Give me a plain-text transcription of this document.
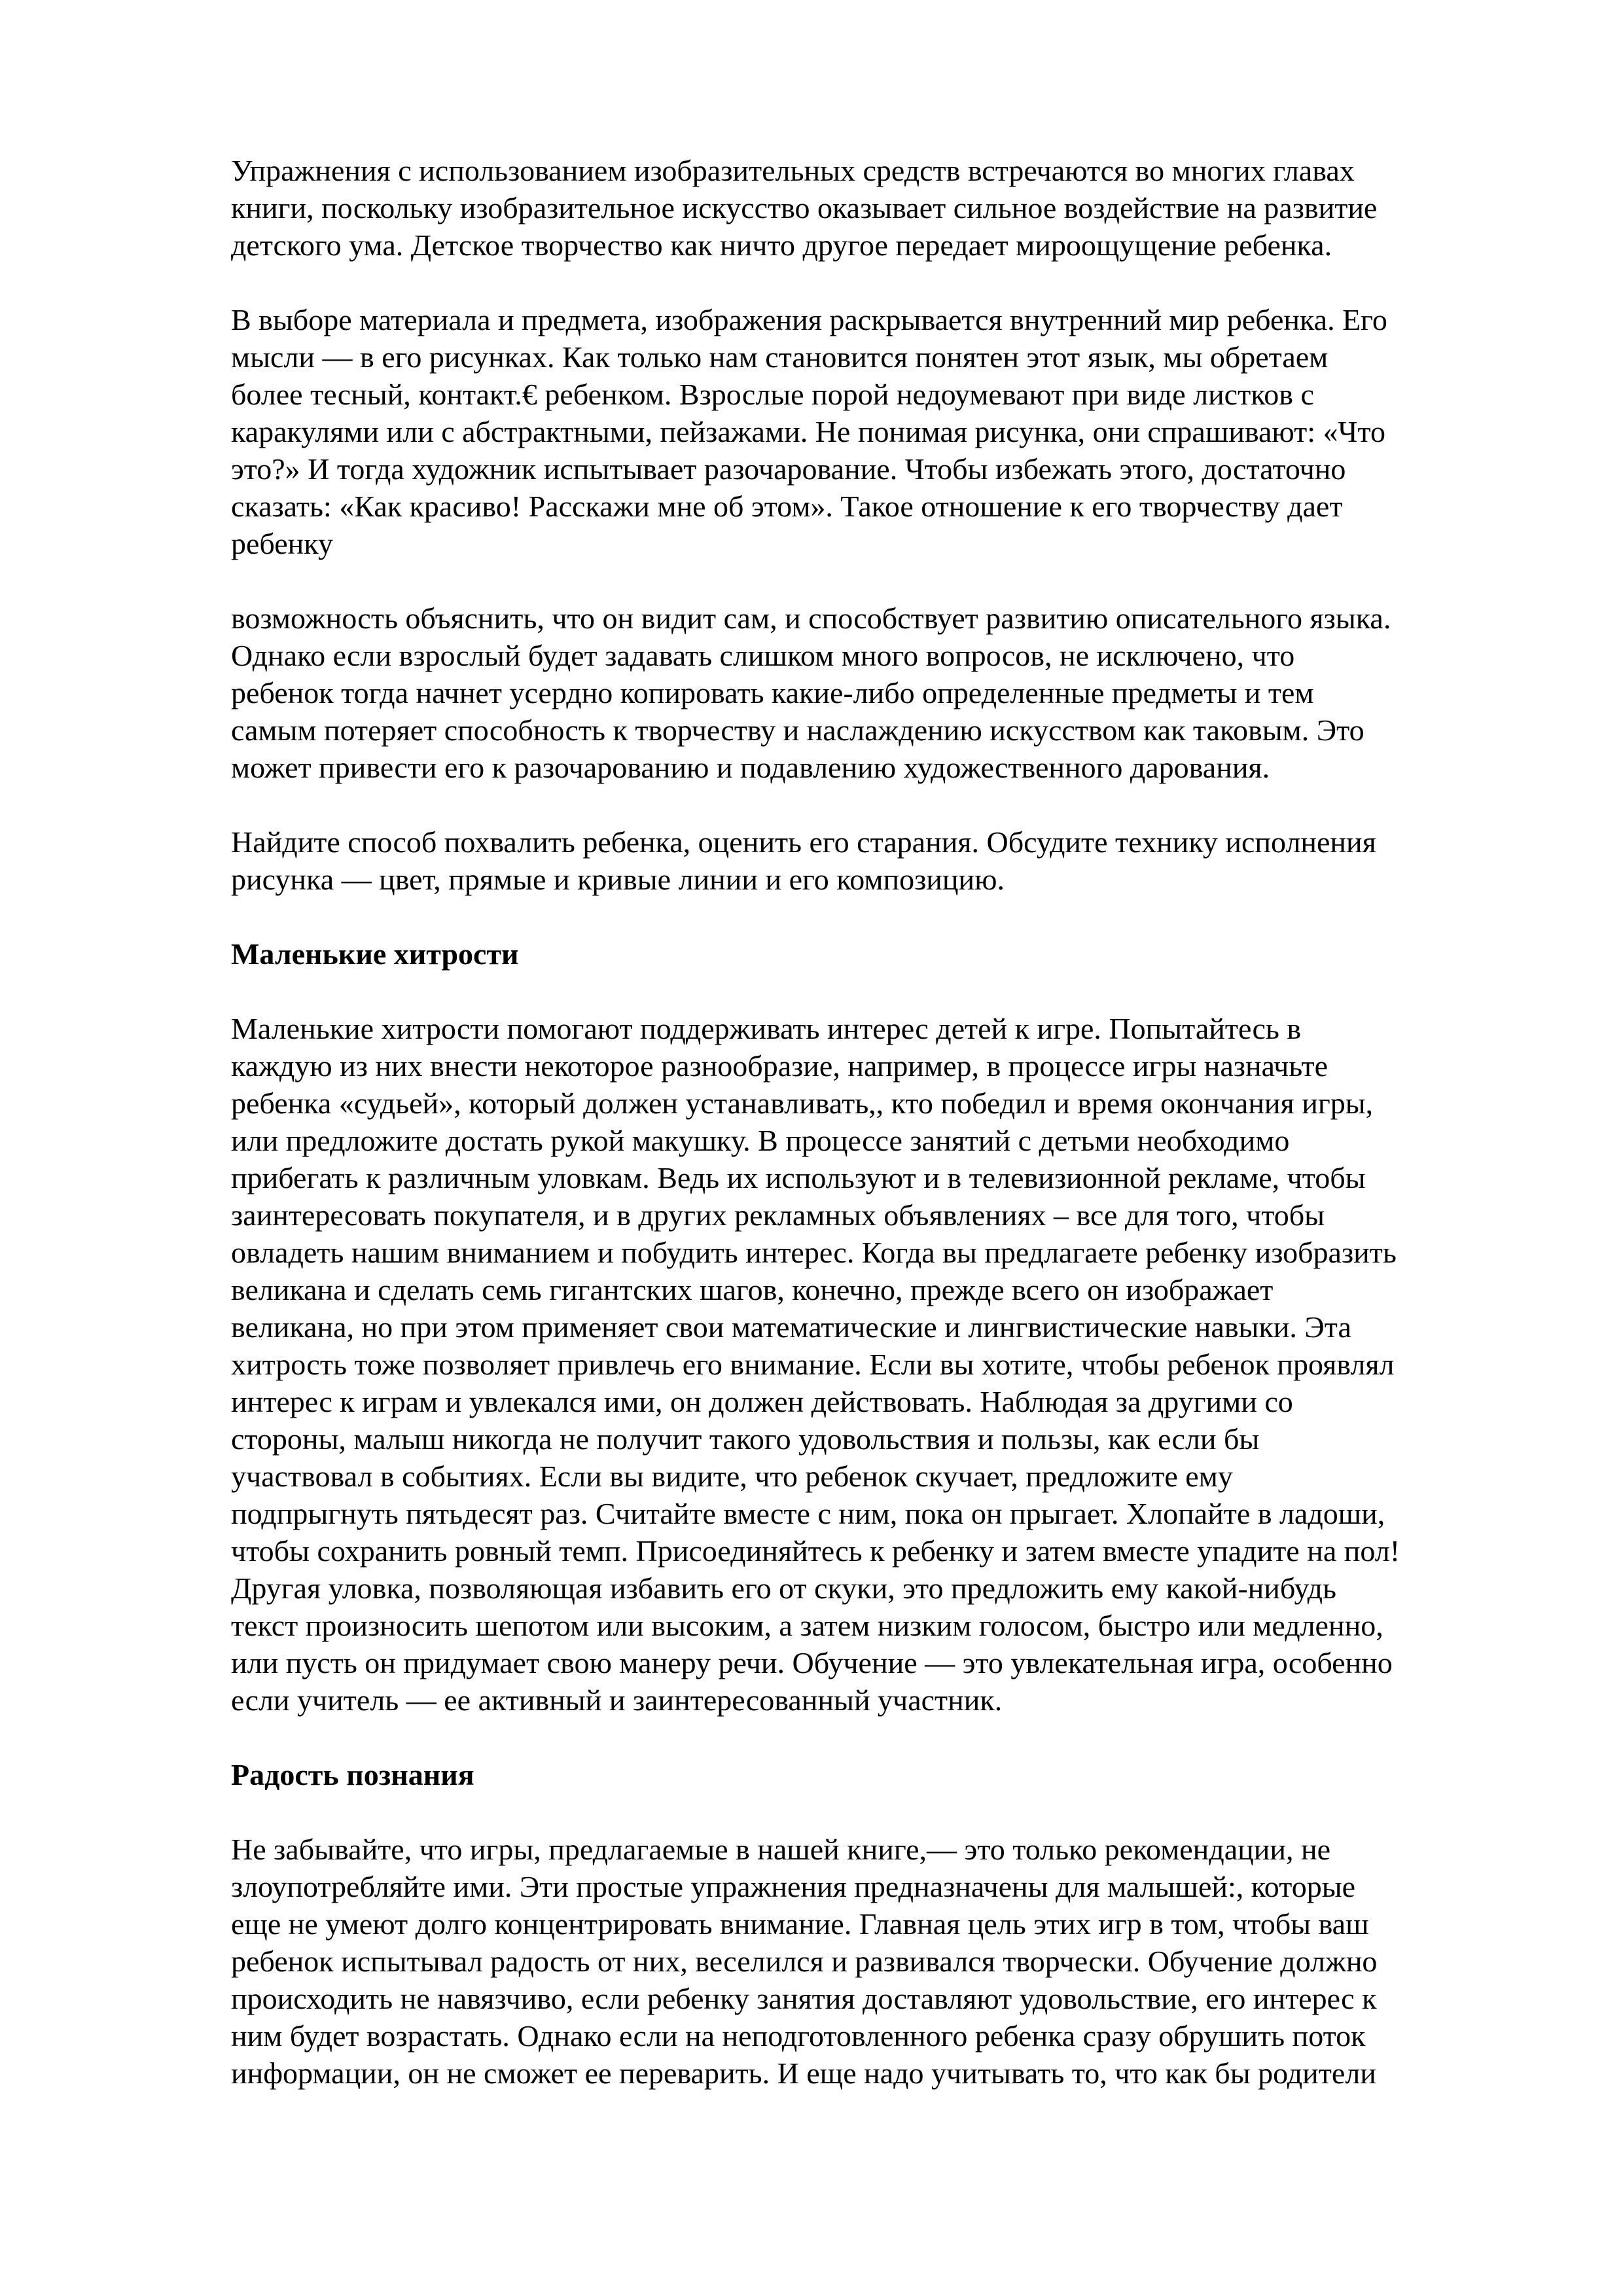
Упражнения с использованием изобразительных средств встречаются во многих главах
книги, поскольку изобразительное искусство оказывает сильное воздействие на развитие
детского ума. Детское творчество как ничто другое передает мироощущение ребенка.

В выборе материала и предмета, изображения раскрывается внутренний мир ребенка. Его
мысли — в его рисунках. Как только нам становится понятен этот язык, мы обретаем
более тесный, контакт.€ ребенком. Взрослые порой недоумевают при виде листков с
каракулями или с абстрактными, пейзажами. Не понимая рисунка, они спрашивают: «Что
это?» И тогда художник испытывает разочарование. Чтобы избежать этого, достаточно
сказать: «Как красиво! Расскажи мне об этом». Такое отношение к его творчеству дает
ребенку

возможность объяснить, что он видит сам, и способствует развитию описательного языка.
Однако если взрослый будет задавать слишком много вопросов, не исключено, что
ребенок тогда начнет усердно копировать какие-либо определенные предметы и тем
самым потеряет способность к творчеству и наслаждению искусством как таковым. Это
может привести его к разочарованию и подавлению художественного дарования.

Найдите способ похвалить ребенка, оценить его старания. Обсудите технику исполнения
рисунка — цвет, прямые и кривые линии и его композицию.

Маленькие хитрости

Маленькие хитрости помогают поддерживать интерес детей к игре. Попытайтесь в
каждую из них внести некоторое разнообразие, например, в процессе игры назначьте
ребенка «судьей», который должен устанавливать,, кто победил и время окончания игры,
или предложите достать рукой макушку. В процессе занятий с детьми необходимо
прибегать к различным уловкам. Ведь их используют и в телевизионной рекламе, чтобы
заинтересовать покупателя, и в других рекламных объявлениях – все для того, чтобы
овладеть нашим вниманием и побудить интерес. Когда вы предлагаете ребенку изобразить
великана и сделать семь гигантских шагов, конечно, прежде всего он изображает
великана, но при этом применяет свои математические и лингвистические навыки. Эта
хитрость тоже позволяет привлечь его внимание. Если вы хотите, чтобы ребенок проявлял
интерес к играм и увлекался ими, он должен действовать. Наблюдая за другими со
стороны, малыш никогда не получит такого удовольствия и пользы, как если бы
участвовал в событиях. Если вы видите, что ребенок скучает, предложите ему
подпрыгнуть пятьдесят раз. Считайте вместе с ним, пока он прыгает. Хлопайте в ладоши,
чтобы сохранить ровный темп. Присоединяйтесь к ребенку и затем вместе упадите на пол!
Другая уловка, позволяющая избавить его от скуки, это предложить ему какой-нибудь
текст произносить шепотом или высоким, а затем низким голосом, быстро или медленно,
или пусть он придумает свою манеру речи. Обучение — это увлекательная игра, особенно
если учитель — ее активный и заинтересованный участник.

Радость познания

Не забывайте, что игры, предлагаемые в нашей книге,— это только рекомендации, не
злоупотребляйте ими. Эти простые упражнения предназначены для малышей:, которые
еще не умеют долго концентрировать внимание. Главная цель этих игр в том, чтобы ваш
ребенок испытывал радость от них, веселился и развивался творчески. Обучение должно
происходить не навязчиво, если ребенку занятия доставляют удовольствие, его интерес к
ним будет возрастать. Однако если на неподготовленного ребенка сразу обрушить поток
информации, он не сможет ее переварить. И еще надо учитывать то, что как бы родители
